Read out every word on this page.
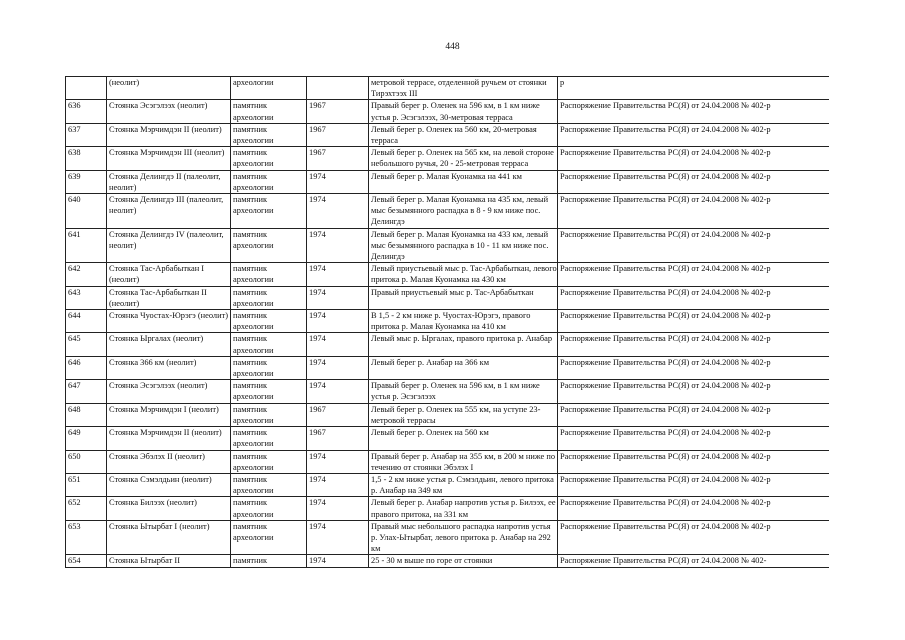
448
	(неолит)	археологии		метровой террасе, отделенной ручьем от стоянки Тирэхтээх III	р
636	Стоянка Эсэгэлээх (неолит)	памятник археологии	1967	Правый берег р. Оленек на 596 км, в 1 км ниже устья р. Эсэгэлээх, 30-метровая терраса	Распоряжение Правительства РС(Я) от 24.04.2008 № 402-р
637	Стоянка Мэрчимдэн II (неолит)	памятник археологии	1967	Левый берег р. Оленек на 560 км, 20-метровая терраса	Распоряжение Правительства РС(Я) от 24.04.2008 № 402-р
638	Стоянка Мэрчимдэн III (неолит)	памятник археологии	1967	Левый берег р. Оленек на 565 км, на левой стороне небольшого ручья, 20 - 25-метровая терраса	Распоряжение Правительства РС(Я) от 24.04.2008 № 402-р
639	Стоянка Делингдэ II (палеолит, неолит)	памятник археологии	1974	Левый берег р. Малая Куонамка на 441 км	Распоряжение Правительства РС(Я) от 24.04.2008 № 402-р
640	Стоянка Делингдэ III (палеолит, неолит)	памятник археологии	1974	Левый берег р. Малая Куонамка на 435 км, левый мыс безымянного распадка в 8 - 9 км ниже пос. Делингдэ	Распоряжение Правительства РС(Я) от 24.04.2008 № 402-р
641	Стоянка Делингдэ IV (палеолит, неолит)	памятник археологии	1974	Левый берег р. Малая Куонамка на 433 км, левый мыс безымянного распадка в 10 - 11 км ниже пос. Делингдэ	Распоряжение Правительства РС(Я) от 24.04.2008 № 402-р
642	Стоянка Тас-Арбабыткан I (неолит)	памятник археологии	1974	Левый приустьевый мыс р. Тас-Арбабыткан, левого притока р. Малая Куонамка на 430 км	Распоряжение Правительства РС(Я) от 24.04.2008 № 402-р
643	Стоянка Тас-Арбабыткан II (неолит)	памятник археологии	1974	Правый приустьевый мыс р. Тас-Арбабыткан	Распоряжение Правительства РС(Я) от 24.04.2008 № 402-р
644	Стоянка Чуостах-Юрэгэ (неолит)	памятник археологии	1974	В 1,5 - 2 км ниже р. Чуостах-Юрэгэ, правого притока р. Малая Куонамка на 410 км	Распоряжение Правительства РС(Я) от 24.04.2008 № 402-р
645	Стоянка Ыргалах (неолит)	памятник археологии	1974	Левый мыс р. Ыргалах, правого притока р. Анабар	Распоряжение Правительства РС(Я) от 24.04.2008 № 402-р
646	Стоянка 366 км (неолит)	памятник археологии	1974	Левый берег р. Анабар на 366 км	Распоряжение Правительства РС(Я) от 24.04.2008 № 402-р
647	Стоянка Эсэгэлээх (неолит)	памятник археологии	1974	Правый берег р. Оленек на 596 км, в 1 км ниже устья р. Эсэгэлээх	Распоряжение Правительства РС(Я) от 24.04.2008 № 402-р
648	Стоянка Мэрчимдэн I (неолит)	памятник археологии	1967	Левый берег р. Оленек на 555 км, на уступе 23-метровой террасы	Распоряжение Правительства РС(Я) от 24.04.2008 № 402-р
649	Стоянка Мэрчимдэн II (неолит)	памятник археологии	1967	Левый берег р. Оленек на 560 км	Распоряжение Правительства РС(Я) от 24.04.2008 № 402-р
650	Стоянка Эбэлэх II (неолит)	памятник археологии	1974	Правый берег р. Анабар на 355 км, в 200 м ниже по течению от стоянки Эбэлэх I	Распоряжение Правительства РС(Я) от 24.04.2008 № 402-р
651	Стоянка Сэмэлдьин (неолит)	памятник археологии	1974	1,5 - 2 км ниже устья р. Сэмэлдьин, левого притока р. Анабар на 349 км	Распоряжение Правительства РС(Я) от 24.04.2008 № 402-р
652	Стоянка Билээх (неолит)	памятник археологии	1974	Левый берег р. Анабар напротив устья р. Билээх, ее правого притока, на 331 км	Распоряжение Правительства РС(Я) от 24.04.2008 № 402-р
653	Стоянка Ытырбат I (неолит)	памятник археологии	1974	Правый мыс небольшого распадка напротив устья р. Улах-Ытырбат, левого притока р. Анабар на 292 км	Распоряжение Правительства РС(Я) от 24.04.2008 № 402-р
654	Стоянка Ытырбат II	памятник	1974	25 - 30 м выше по горе от стоянки	Распоряжение Правительства РС(Я) от 24.04.2008 № 402-
